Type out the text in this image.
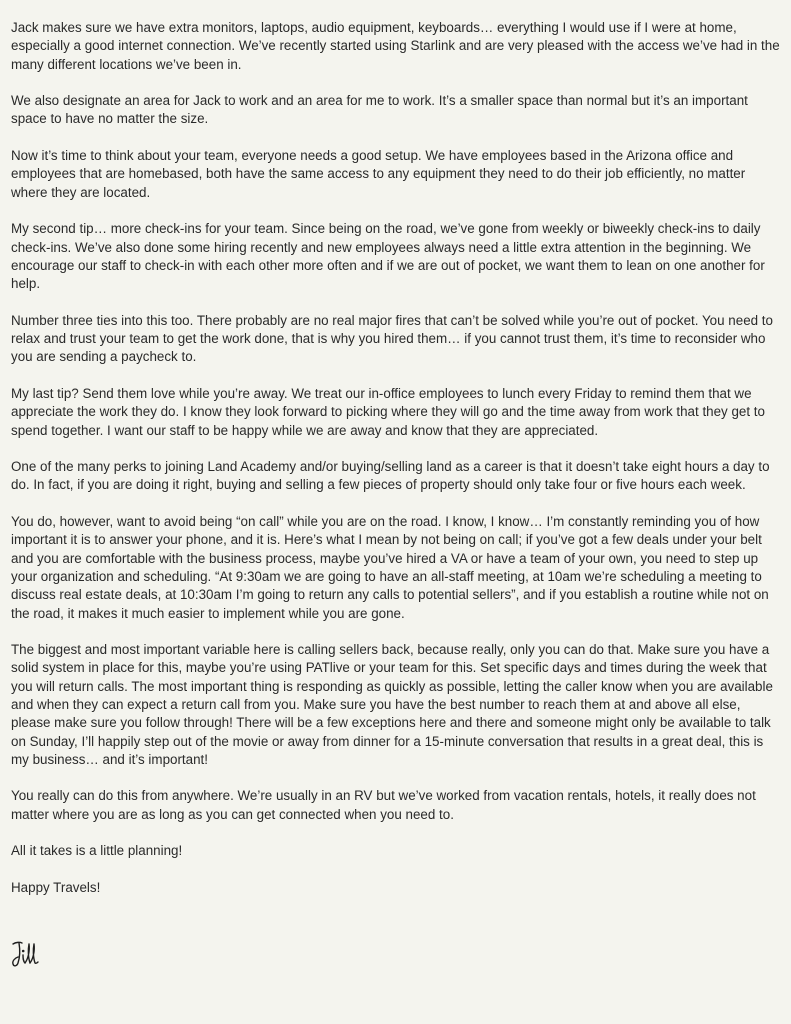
Jack makes sure we have extra monitors, laptops, audio equipment, keyboards… everything I would use if I were at home, especially a good internet connection. We’ve recently started using Starlink and are very pleased with the access we’ve had in the many different locations we’ve been in.

We also designate an area for Jack to work and an area for me to work. It’s a smaller space than normal but it’s an important space to have no matter the size.

Now it’s time to think about your team, everyone needs a good setup. We have employees based in the Arizona office and employees that are homebased, both have the same access to any equipment they need to do their job efficiently, no matter where they are located.

My second tip… more check-ins for your team. Since being on the road, we’ve gone from weekly or biweekly check-ins to daily check-ins. We’ve also done some hiring recently and new employees always need a little extra attention in the beginning. We encourage our staff to check-in with each other more often and if we are out of pocket, we want them to lean on one another for help.

Number three ties into this too. There probably are no real major fires that can’t be solved while you’re out of pocket. You need to relax and trust your team to get the work done, that is why you hired them… if you cannot trust them, it’s time to reconsider who you are sending a paycheck to.

My last tip? Send them love while you’re away. We treat our in-office employees to lunch every Friday to remind them that we appreciate the work they do. I know they look forward to picking where they will go and the time away from work that they get to spend together. I want our staff to be happy while we are away and know that they are appreciated.

One of the many perks to joining Land Academy and/or buying/selling land as a career is that it doesn’t take eight hours a day to do. In fact, if you are doing it right, buying and selling a few pieces of property should only take four or five hours each week.

You do, however, want to avoid being “on call” while you are on the road. I know, I know… I’m constantly reminding you of how important it is to answer your phone, and it is. Here’s what I mean by not being on call; if you’ve got a few deals under your belt and you are comfortable with the business process, maybe you’ve hired a VA or have a team of your own, you need to step up your organization and scheduling. “At 9:30am we are going to have an all-staff meeting, at 10am we’re scheduling a meeting to discuss real estate deals, at 10:30am I’m going to return any calls to potential sellers”, and if you establish a routine while not on the road, it makes it much easier to implement while you are gone.

The biggest and most important variable here is calling sellers back, because really, only you can do that. Make sure you have a solid system in place for this, maybe you’re using PATlive or your team for this. Set specific days and times during the week that you will return calls. The most important thing is responding as quickly as possible, letting the caller know when you are available and when they can expect a return call from you. Make sure you have the best number to reach them at and above all else, please make sure you follow through! There will be a few exceptions here and there and someone might only be available to talk on Sunday, I’ll happily step out of the movie or away from dinner for a 15-minute conversation that results in a great deal, this is my business… and it’s important!

You really can do this from anywhere. We’re usually in an RV but we’ve worked from vacation rentals, hotels, it really does not matter where you are as long as you can get connected when you need to.

All it takes is a little planning!

Happy Travels!
